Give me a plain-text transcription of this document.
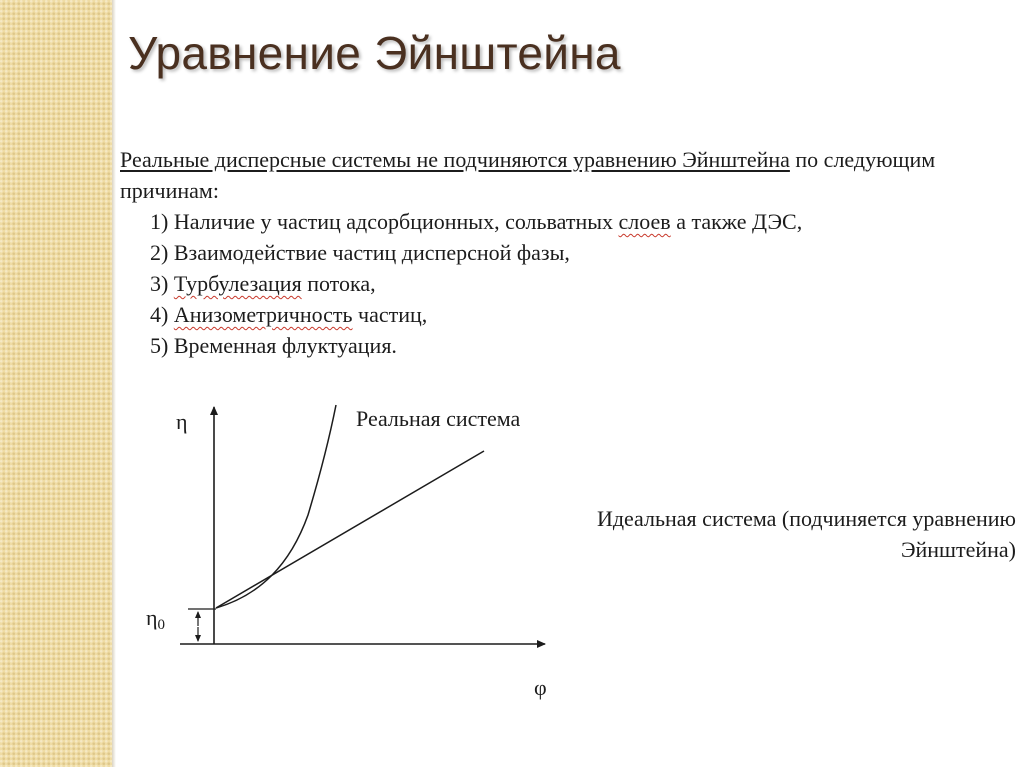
Уравнение Эйнштейна
Реальные дисперсные системы не подчиняются уравнению Эйнштейна по следующим причинам:
1) Наличие у частиц адсорбционных, сольватных слоев а также ДЭС,
2) Взаимодействие частиц дисперсной фазы,
3) Турбулезация потока,
4) Анизометричность частиц,
5) Временная флуктуация.
η
φ
η0
Реальная система
Идеальная система (подчиняется уравнению
Эйнштейна)
